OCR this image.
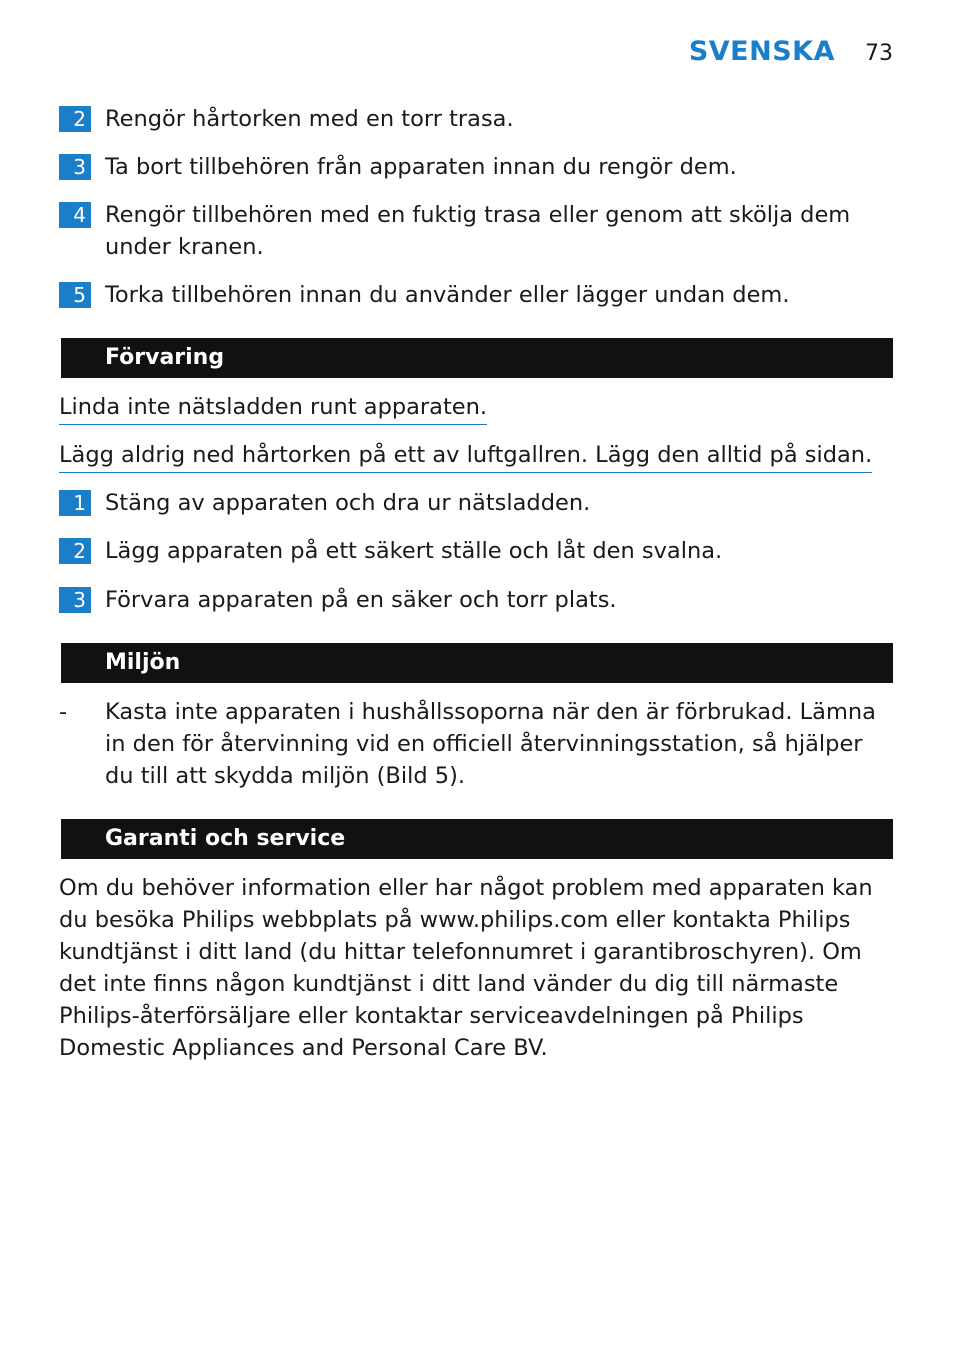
SVENSKA 73
2 Rengör hårtorken med en torr trasa.
3 Ta bort tillbehören från apparaten innan du rengör dem.
4 Rengör tillbehören med en fuktig trasa eller genom att skölja dem under kranen.
5 Torka tillbehören innan du använder eller lägger undan dem.
Förvaring
Linda inte nätsladden runt apparaten.
Lägg aldrig ned hårtorken på ett av luftgallren. Lägg den alltid på sidan.
1 Stäng av apparaten och dra ur nätsladden.
2 Lägg apparaten på ett säkert ställe och låt den svalna.
3 Förvara apparaten på en säker och torr plats.
Miljön
-	Kasta inte apparaten i hushållssoporna när den är förbrukad. Lämna in den för återvinning vid en officiell återvinningsstation, så hjälper du till att skydda miljön (Bild 5).
Garanti och service
Om du behöver information eller har något problem med apparaten kan du besöka Philips webbplats på www.philips.com eller kontakta Philips kundtjänst i ditt land (du hittar telefonnumret i garantibroschyren). Om det inte finns någon kundtjänst i ditt land vänder du dig till närmaste Philips-återförsäljare eller kontaktar serviceavdelningen på Philips Domestic Appliances and Personal Care BV.
